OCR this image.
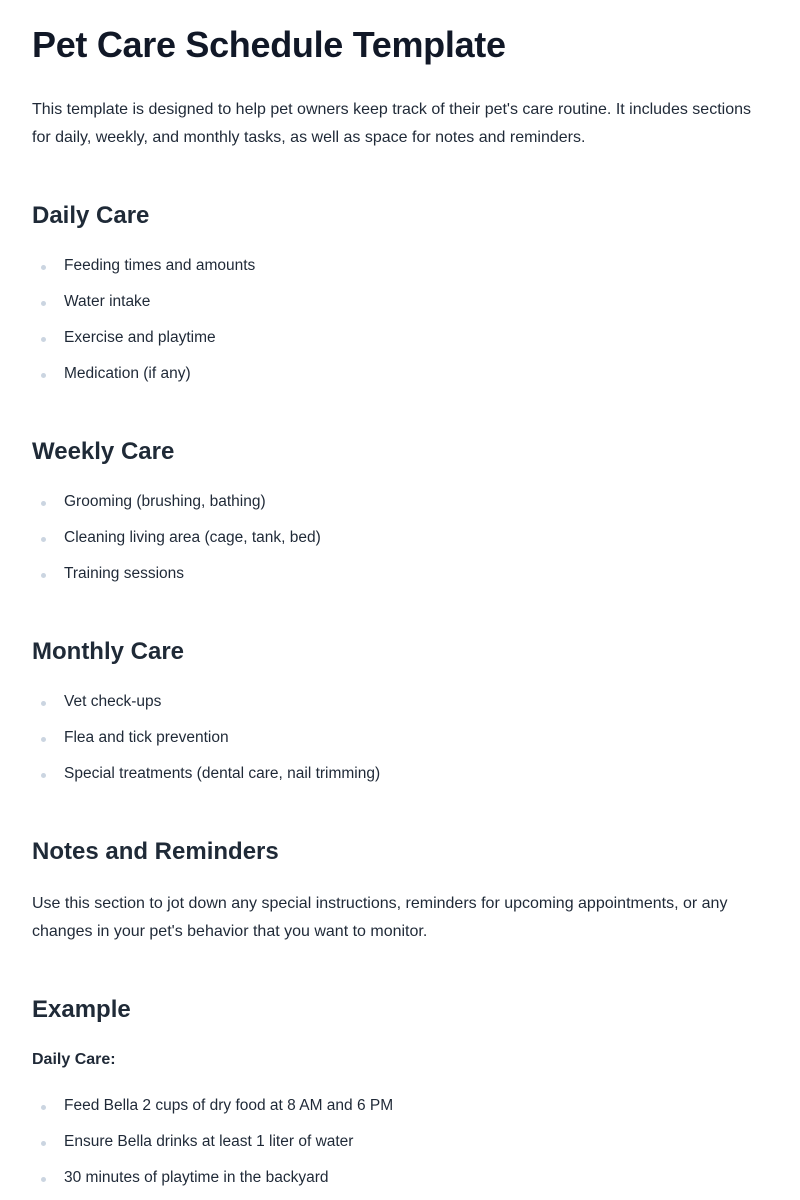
Pet Care Schedule Template

This template is designed to help pet owners keep track of their pet's care routine. It includes sections for daily, weekly, and monthly tasks, as well as space for notes and reminders.

Daily Care
Feeding times and amounts
Water intake
Exercise and playtime
Medication (if any)
Weekly Care
Grooming (brushing, bathing)
Cleaning living area (cage, tank, bed)
Training sessions
Monthly Care
Vet check-ups
Flea and tick prevention
Special treatments (dental care, nail trimming)
Notes and Reminders

Use this section to jot down any special instructions, reminders for upcoming appointments, or any changes in your pet's behavior that you want to monitor.

Example
Daily Care:
Feed Bella 2 cups of dry food at 8 AM and 6 PM
Ensure Bella drinks at least 1 liter of water
30 minutes of playtime in the backyard
